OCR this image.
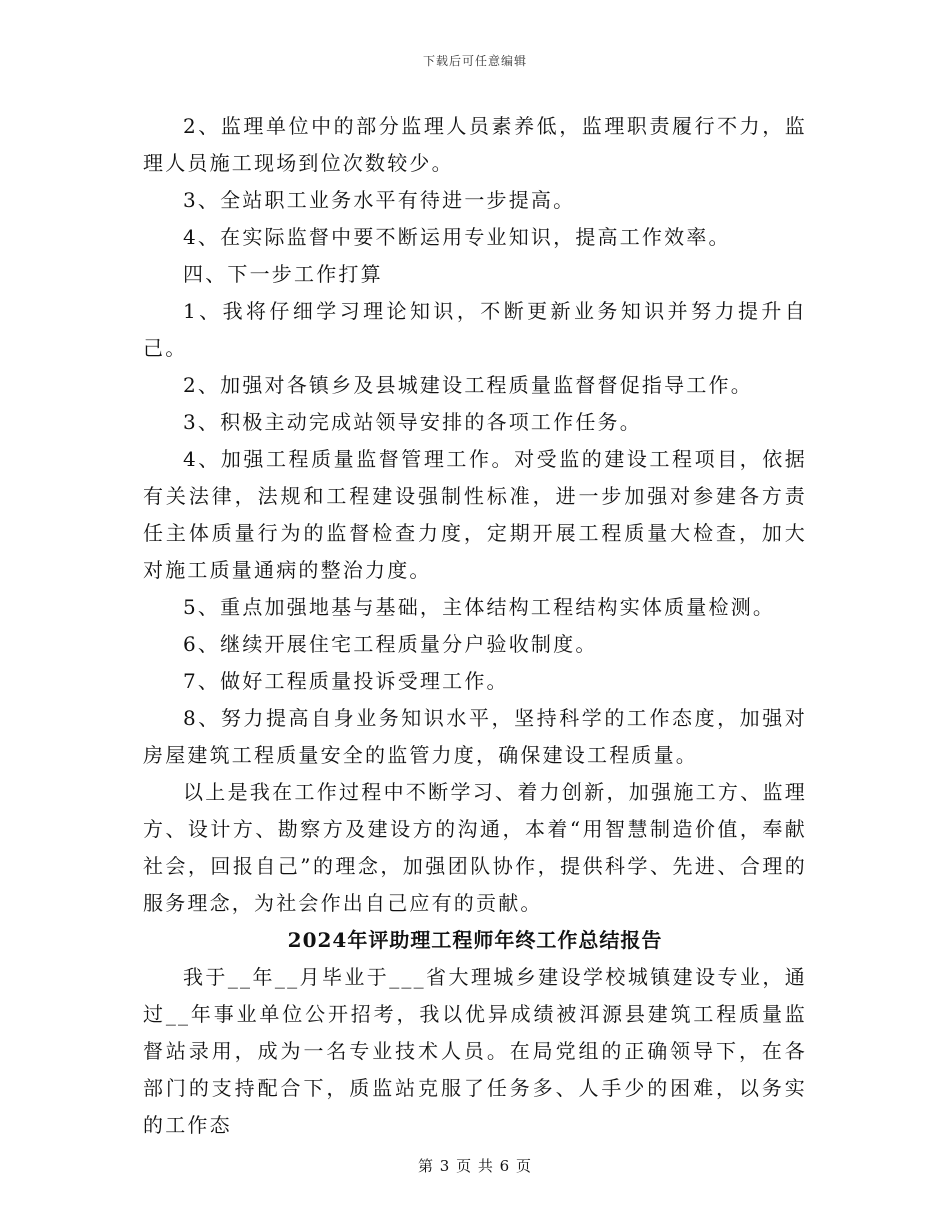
下载后可任意编辑

2、监理单位中的部分监理人员素养低，监理职责履行不力，监理人员施工现场到位次数较少。

3、全站职工业务水平有待进一步提高。

4、在实际监督中要不断运用专业知识，提高工作效率。

四、下一步工作打算

1、我将仔细学习理论知识，不断更新业务知识并努力提升自己。

2、加强对各镇乡及县城建设工程质量监督督促指导工作。

3、积极主动完成站领导安排的各项工作任务。

4、加强工程质量监督管理工作。对受监的建设工程项目，依据有关法律，法规和工程建设强制性标准，进一步加强对参建各方责任主体质量行为的监督检查力度，定期开展工程质量大检查，加大对施工质量通病的整治力度。

5、重点加强地基与基础，主体结构工程结构实体质量检测。

6、继续开展住宅工程质量分户验收制度。

7、做好工程质量投诉受理工作。

8、努力提高自身业务知识水平，坚持科学的工作态度，加强对房屋建筑工程质量安全的监管力度，确保建设工程质量。

以上是我在工作过程中不断学习、着力创新，加强施工方、监理方、设计方、勘察方及建设方的沟通，本着“用智慧制造价值，奉献社会，回报自己”的理念，加强团队协作，提供科学、先进、合理的服务理念，为社会作出自己应有的贡献。

2024年评助理工程师年终工作总结报告

我于__年__月毕业于___省大理城乡建设学校城镇建设专业，通过__年事业单位公开招考，我以优异成绩被洱源县建筑工程质量监督站录用，成为一名专业技术人员。在局党组的正确领导下，在各部门的支持配合下，质监站克服了任务多、人手少的困难，以务实的工作态

第 3 页 共 6 页
